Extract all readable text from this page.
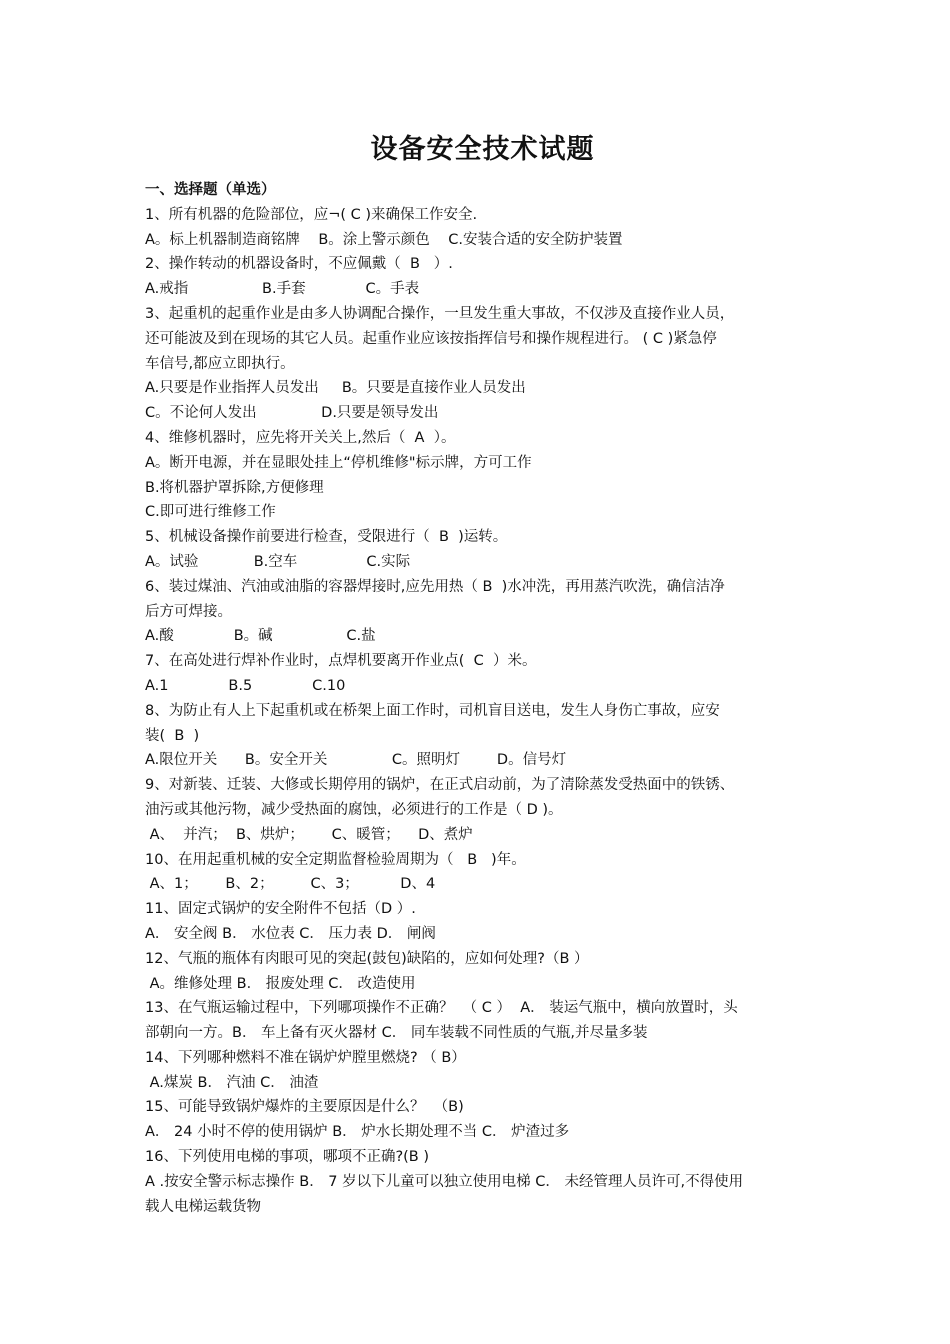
设备安全技术试题
一、选择题（单选）
1、所有机器的危险部位，应¬( C )来确保工作安全.
A。标上机器制造商铭牌    B。涂上警示颜色    C.安装合适的安全防护装置
2、操作转动的机器设备时，不应佩戴（  B   ）.
A.戒指                B.手套             C。手表
3、起重机的起重作业是由多人协调配合操作，一旦发生重大事故，不仅涉及直接作业人员，
还可能波及到在现场的其它人员。起重作业应该按指挥信号和操作规程进行。 ( C )紧急停
车信号,都应立即执行。
A.只要是作业指挥人员发出     B。只要是直接作业人员发出
C。不论何人发出              D.只要是领导发出
4、维修机器时，应先将开关关上,然后（  A  ）。
A。断开电源，并在显眼处挂上“停机维修"标示牌，方可工作
B.将机器护罩拆除,方便修理
C.即可进行维修工作
5、机械设备操作前要进行检查，受限进行（  B  )运转。
A。试验            B.空车               C.实际
6、装过煤油、汽油或油脂的容器焊接时,应先用热（ B  )水冲洗，再用蒸汽吹洗，确信洁净
后方可焊接。
A.酸             B。碱                C.盐
7、在高处进行焊补作业时，点焊机要离开作业点(  C  ）米。
A.1             B.5             C.10
8、为防止有人上下起重机或在桥架上面工作时，司机盲目送电，发生人身伤亡事故，应安
装(  B  )
A.限位开关      B。安全开关              C。照明灯        D。信号灯
9、对新装、迁装、大修或长期停用的锅炉，在正式启动前，为了清除蒸发受热面中的铁锈、
油污或其他污物，减少受热面的腐蚀，必须进行的工作是（ D )。
A、  并汽；  B、烘炉；      C、暖管；    D、煮炉
10、在用起重机械的安全定期监督检验周期为（   B   )年。
A、1；      B、2；        C、3；         D、4
11、固定式锅炉的安全附件不包括（D ）.
A． 安全阀 B． 水位表 C． 压力表 D． 闸阀
12、气瓶的瓶体有肉眼可见的突起(鼓包)缺陷的，应如何处理?（B ）
A。维修处理 B． 报废处理 C． 改造使用
13、在气瓶运输过程中，下列哪项操作不正确？  （ C ）  A． 装运气瓶中，横向放置时，头
部朝向一方。B． 车上备有灭火器材 C． 同车装载不同性质的气瓶,并尽量多装
14、下列哪种燃料不准在锅炉炉膛里燃烧? （ B）
A.煤炭 B． 汽油 C． 油渣
15、可能导致锅炉爆炸的主要原因是什么？  （B)
A． 24 小时不停的使用锅炉 B． 炉水长期处理不当 C． 炉渣过多
16、下列使用电梯的事项，哪项不正确?(B )
A .按安全警示标志操作 B． 7 岁以下儿童可以独立使用电梯 C． 未经管理人员许可,不得使用
载人电梯运载货物
